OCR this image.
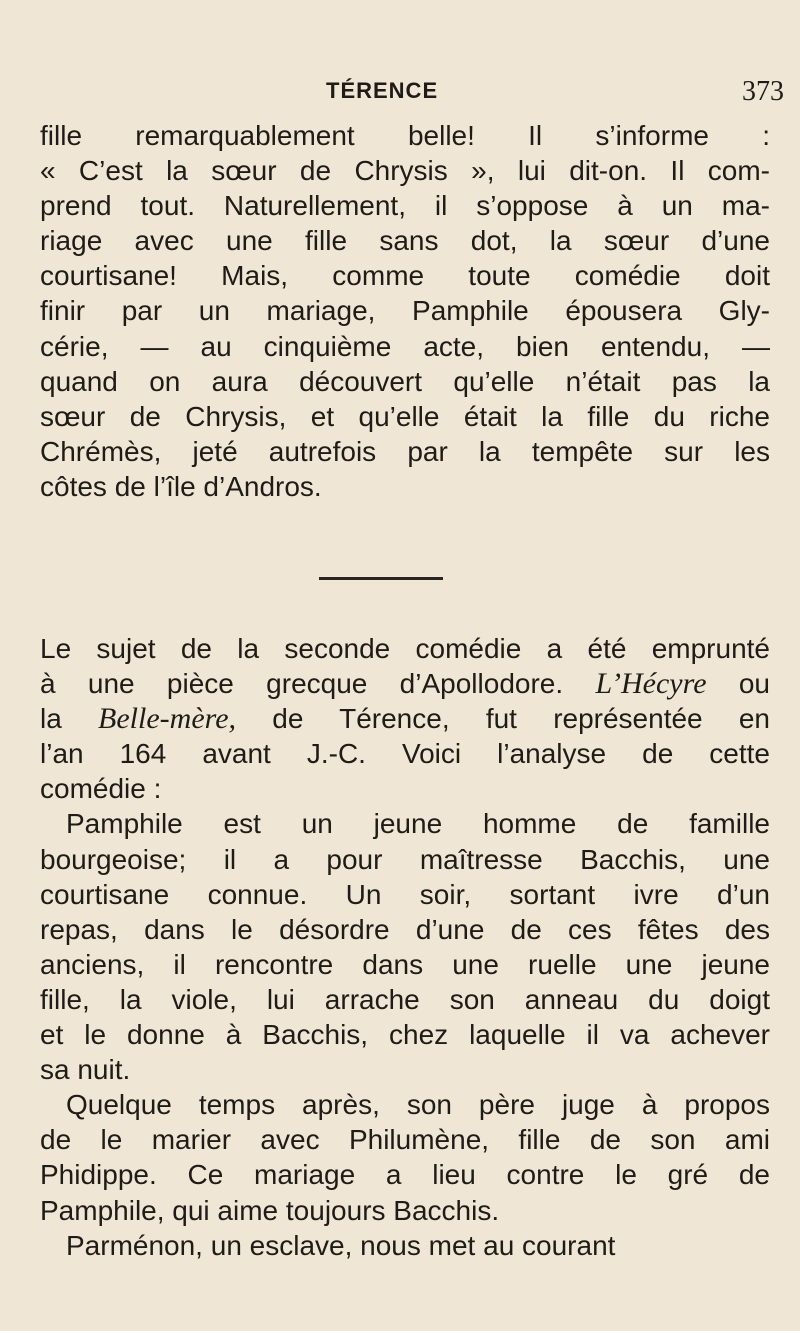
TÉRENCE	373
fille remarquablement belle! Il s’informe :
« C’est la sœur de Chrysis », lui dit-on. Il com-
prend tout. Naturellement, il s’oppose à un ma-
riage avec une fille sans dot, la sœur d’une
courtisane! Mais, comme toute comédie doit
finir par un mariage, Pamphile épousera Gly-
cérie, — au cinquième acte, bien entendu, —
quand on aura découvert qu’elle n’était pas la
sœur de Chrysis, et qu’elle était la fille du riche
Chrémès, jeté autrefois par la tempête sur les
côtes de l’île d’Andros.
Le sujet de la seconde comédie a été emprunté
à une pièce grecque d’Apollodore. L’Hécyre ou
la Belle-mère, de Térence, fut représentée en
l’an 164 avant J.-C. Voici l’analyse de cette
comédie :
Pamphile est un jeune homme de famille
bourgeoise; il a pour maîtresse Bacchis, une
courtisane connue. Un soir, sortant ivre d’un
repas, dans le désordre d’une de ces fêtes des
anciens, il rencontre dans une ruelle une jeune
fille, la viole, lui arrache son anneau du doigt
et le donne à Bacchis, chez laquelle il va achever
sa nuit.
Quelque temps après, son père juge à propos
de le marier avec Philumène, fille de son ami
Phidippe. Ce mariage a lieu contre le gré de
Pamphile, qui aime toujours Bacchis.
Parménon, un esclave, nous met au courant
